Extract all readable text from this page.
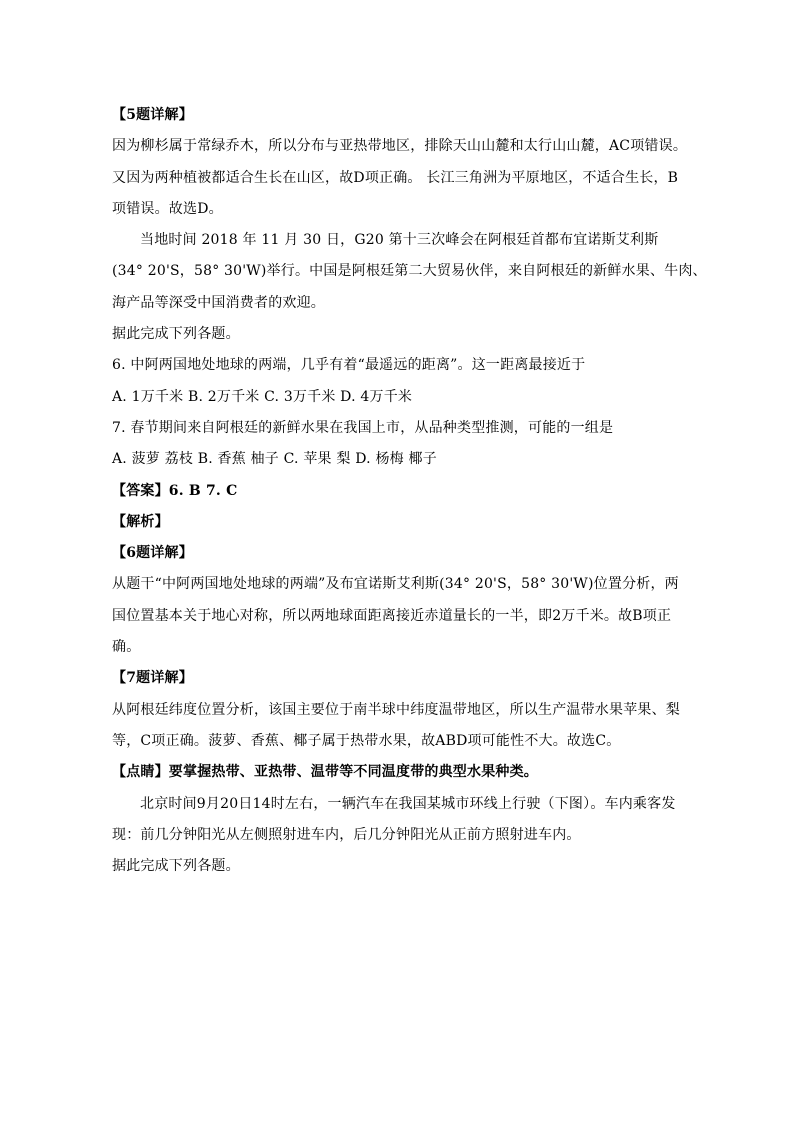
【5题详解】
因为柳杉属于常绿乔木，所以分布与亚热带地区，排除天山山麓和太行山山麓，AC项错误。
又因为两种植被都适合生长在山区，故D项正确。 长江三角洲为平原地区，不适合生长，B
项错误。故选D。
当地时间 2018 年 11 月 30 日，G20 第十三次峰会在阿根廷首都布宜诺斯艾利斯
(34° 20'S，58° 30'W)举行。中国是阿根廷第二大贸易伙伴，来自阿根廷的新鲜水果、牛肉、
海产品等深受中国消费者的欢迎。
据此完成下列各题。
6. 中阿两国地处地球的两端，几乎有着“最遥远的距离”。这一距离最接近于
A. 1万千米 B. 2万千米 C. 3万千米 D. 4万千米
7. 春节期间来自阿根廷的新鲜水果在我国上市，从品种类型推测，可能的一组是
A. 菠萝 荔枝 B. 香蕉 柚子 C. 苹果 梨 D. 杨梅 椰子
【答案】6. B 7. C
【解析】
【6题详解】
从题干“中阿两国地处地球的两端”及布宜诺斯艾利斯(34° 20'S，58° 30'W)位置分析，两
国位置基本关于地心对称，所以两地球面距离接近赤道量长的一半，即2万千米。故B项正
确。
【7题详解】
从阿根廷纬度位置分析，该国主要位于南半球中纬度温带地区，所以生产温带水果苹果、梨
等，C项正确。菠萝、香蕉、椰子属于热带水果，故ABD项可能性不大。故选C。
【点睛】要掌握热带、亚热带、温带等不同温度带的典型水果种类。
北京时间9月20日14时左右，一辆汽车在我国某城市环线上行驶（下图）。车内乘客发
现：前几分钟阳光从左侧照射进车内，后几分钟阳光从正前方照射进车内。
据此完成下列各题。
